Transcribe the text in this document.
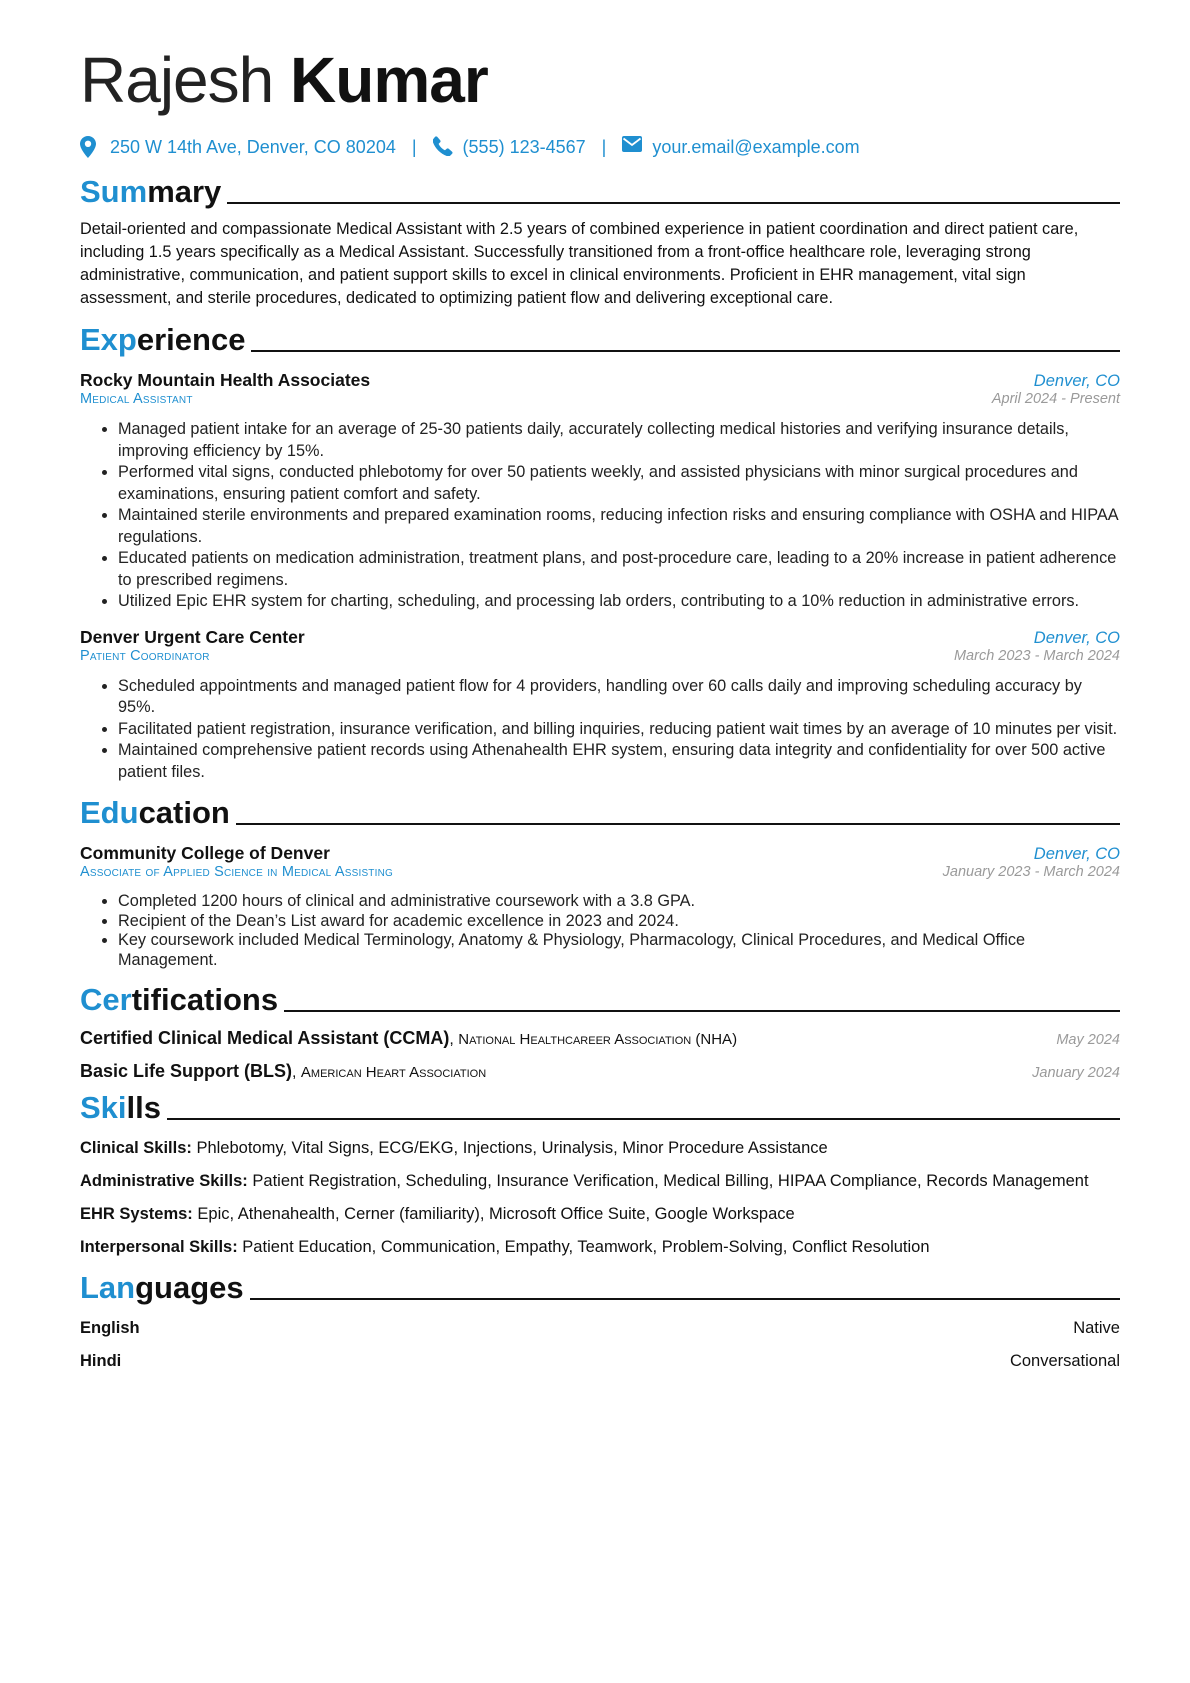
Rajesh Kumar
250 W 14th Ave, Denver, CO 80204 |	(555) 123-4567 |	your.email@example.com
Summary
Detail-oriented and compassionate Medical Assistant with 2.5 years of combined experience in patient coordination and direct patient care, including 1.5 years specifically as a Medical Assistant. Successfully transitioned from a front-office healthcare role, leveraging strong administrative, communication, and patient support skills to excel in clinical environments. Proficient in EHR management, vital sign assessment, and sterile procedures, dedicated to optimizing patient flow and delivering exceptional care.
Experience
Rocky Mountain Health Associates	Denver, CO
Medical Assistant	April 2024 - Present
• Managed patient intake for an average of 25-30 patients daily, accurately collecting medical histories and verifying insurance details, improving efficiency by 15%.
• Performed vital signs, conducted phlebotomy for over 50 patients weekly, and assisted physicians with minor surgical procedures and examinations, ensuring patient comfort and safety.
• Maintained sterile environments and prepared examination rooms, reducing infection risks and ensuring compliance with OSHA and HIPAA regulations.
• Educated patients on medication administration, treatment plans, and post-procedure care, leading to a 20% increase in patient adherence to prescribed regimens.
• Utilized Epic EHR system for charting, scheduling, and processing lab orders, contributing to a 10% reduction in administrative errors.
Denver Urgent Care Center	Denver, CO
Patient Coordinator	March 2023 - March 2024
• Scheduled appointments and managed patient flow for 4 providers, handling over 60 calls daily and improving scheduling accuracy by 95%.
• Facilitated patient registration, insurance verification, and billing inquiries, reducing patient wait times by an average of 10 minutes per visit.
• Maintained comprehensive patient records using Athenahealth EHR system, ensuring data integrity and confidentiality for over 500 active patient files.
Education
Community College of Denver	Denver, CO
Associate of Applied Science in Medical Assisting	January 2023 - March 2024
• Completed 1200 hours of clinical and administrative coursework with a 3.8 GPA.
• Recipient of the Dean’s List award for academic excellence in 2023 and 2024.
• Key coursework included Medical Terminology, Anatomy & Physiology, Pharmacology, Clinical Procedures, and Medical Office Management.
Certifications
Certified Clinical Medical Assistant (CCMA), National Healthcareer Association (NHA)	May 2024
Basic Life Support (BLS), American Heart Association	January 2024
Skills
Clinical Skills: Phlebotomy, Vital Signs, ECG/EKG, Injections, Urinalysis, Minor Procedure Assistance
Administrative Skills: Patient Registration, Scheduling, Insurance Verification, Medical Billing, HIPAA Compliance, Records Management
EHR Systems: Epic, Athenahealth, Cerner (familiarity), Microsoft Office Suite, Google Workspace
Interpersonal Skills: Patient Education, Communication, Empathy, Teamwork, Problem-Solving, Conflict Resolution
Languages
English	Native
Hindi	Conversational
